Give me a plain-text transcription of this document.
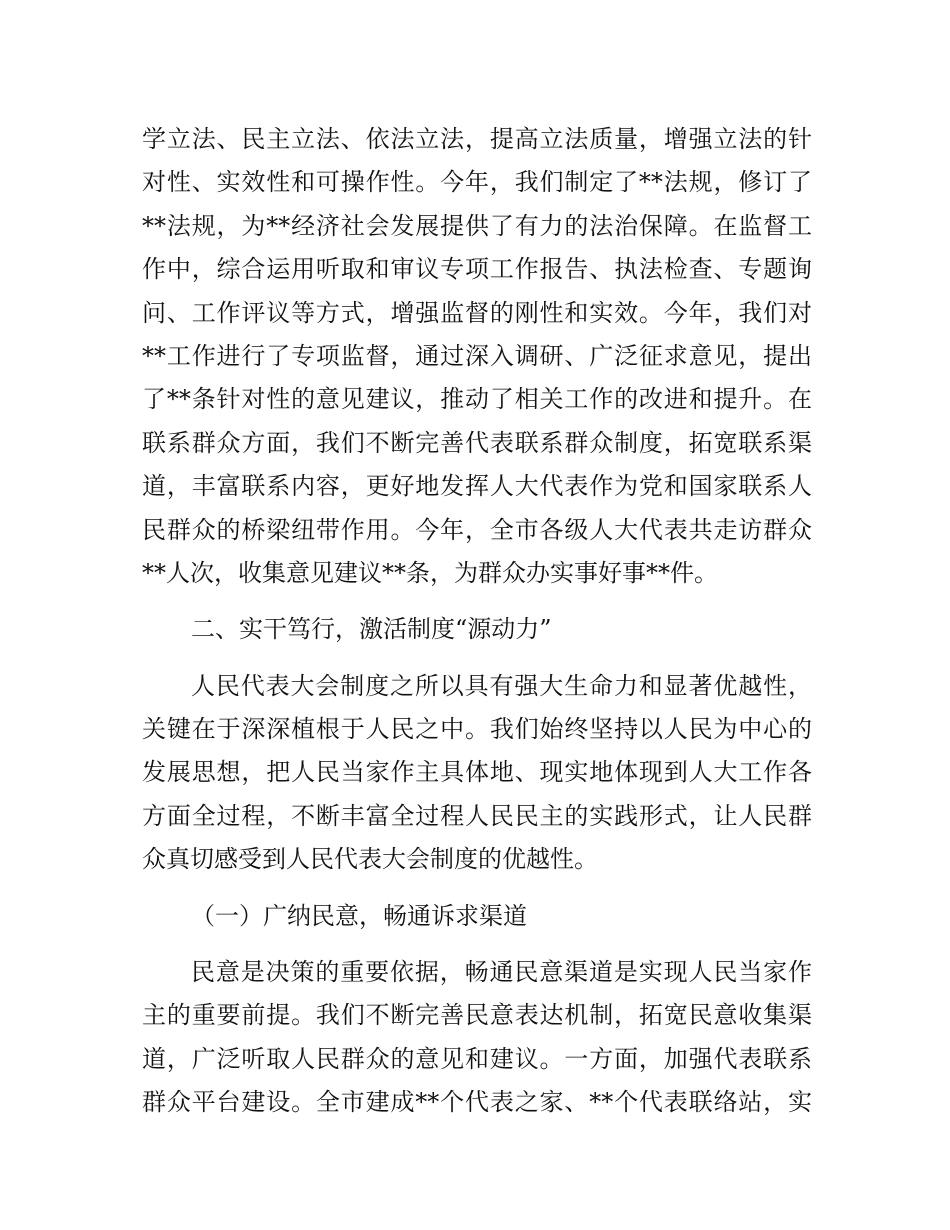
学立法、民主立法、依法立法，提高立法质量，增强立法的针
对性、实效性和可操作性。今年，我们制定了**法规，修订了
**法规，为**经济社会发展提供了有力的法治保障。在监督工
作中，综合运用听取和审议专项工作报告、执法检查、专题询
问、工作评议等方式，增强监督的刚性和实效。今年，我们对
**工作进行了专项监督，通过深入调研、广泛征求意见，提出
了**条针对性的意见建议，推动了相关工作的改进和提升。在
联系群众方面，我们不断完善代表联系群众制度，拓宽联系渠
道，丰富联系内容，更好地发挥人大代表作为党和国家联系人
民群众的桥梁纽带作用。今年，全市各级人大代表共走访群众
**人次，收集意见建议**条，为群众办实事好事**件。
二、实干笃行，激活制度“源动力”
人民代表大会制度之所以具有强大生命力和显著优越性，
关键在于深深植根于人民之中。我们始终坚持以人民为中心的
发展思想，把人民当家作主具体地、现实地体现到人大工作各
方面全过程，不断丰富全过程人民民主的实践形式，让人民群
众真切感受到人民代表大会制度的优越性。
（一）广纳民意，畅通诉求渠道
民意是决策的重要依据，畅通民意渠道是实现人民当家作
主的重要前提。我们不断完善民意表达机制，拓宽民意收集渠
道，广泛听取人民群众的意见和建议。一方面，加强代表联系
群众平台建设。全市建成**个代表之家、**个代表联络站，实
